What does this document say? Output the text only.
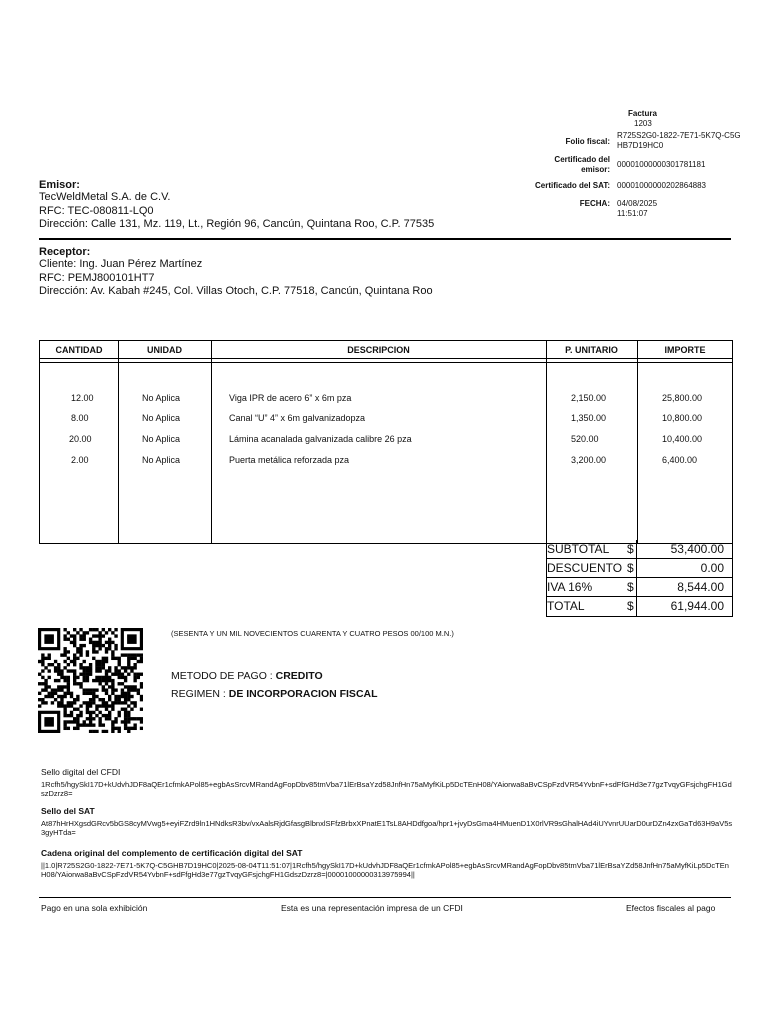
Factura
1203
Folio fiscal:
R725S2G0-1822-7E71-5K7Q-C5GHB7D19HC0
Certificado del
emisor:
00001000000301781181
Certificado del SAT: 00001000000202864883
FECHA: 04/08/2025 11:51:07
Emisor:
TecWeldMetal S.A. de C.V.
RFC: TEC-080811-LQ0
Dirección: Calle 131, Mz. 119, Lt., Región 96, Cancún, Quintana Roo, C.P. 77535
Receptor:
Cliente: Ing. Juan Pérez Martínez
RFC: PEMJ800101HT7
Dirección: Av. Kabah #245, Col. Villas Otoch, C.P. 77518, Cancún, Quintana Roo
CANTIDAD	UNIDAD	DESCRIPCION	P. UNITARIO	IMPORTE
12.00	No Aplica	Viga IPR de acero 6” x 6m pza	2,150.00	25,800.00
8.00	No Aplica	Canal “U” 4” x 6m galvanizadopza	1,350.00	10,800.00
20.00	No Aplica	Lámina acanalada galvanizada calibre 26 pza	520.00	10,400.00
2.00	No Aplica	Puerta metálica reforzada pza	3,200.00	6,400.00
SUBTOTAL $	53,400.00
DESCUENTO $	0.00
IVA 16%	$	8,544.00
TOTAL	$	61,944.00
(SESENTA Y UN MIL NOVECIENTOS CUARENTA Y CUATRO PESOS 00/100 M.N.)
METODO DE PAGO : CREDITO
REGIMEN : DE INCORPORACION FISCAL
Sello digital del CFDI
1Rcfh5/hgySkI17D+kUdvhJDF8aQEr1cfmkAPol85+egbAsSrcvMRandAgFopDbv85tmVba71lErBsaYzd58JnfHn75aMyfKiLp5DcTEnH08/YAiorwa8aBvCSpFzdVR54YvbnF+sdFfGHd3e77gzTvqyGFsjchgFH1GdszDzrz8=
Sello del SAT
At87hHrHXgsdGRcv5bGS8cyMVwg5+eyiFZrd9ln1HNdksR3bv/vxAalsRjdGfasgBlbnxlSFfzBrbxXPnatE1TsL8AHDdfgoa/hpr1+jvyDsGma4HMuenD1X0rlVR9sGhalHAd4iUYvnrUUarD0urDZn4zxGaTd63H9aV5s3gyHTda=
Cadena original del complemento de certificación digital del SAT
||1.0|R725S2G0-1822-7E71-5K7Q-C5GHB7D19HC0|2025-08-04T11:51:07|1Rcfh5/hgySkI17D+kUdvhJDF8aQEr1cfmkAPol85+egbAsSrcvMRandAgFopDbv85tmVba71lErBsaYZd58JnfHn75aMyfKiLp5DcTEnH08/YAiorwa8aBvCSpFzdVR54YvbnF+sdFfgHd3e77gzTvqyGFsjchgFH1GdszDzrz8=|00001000000313975994||
Pago en una sola exhibición	Esta es una representación impresa de un CFDI	Efectos fiscales al pago
